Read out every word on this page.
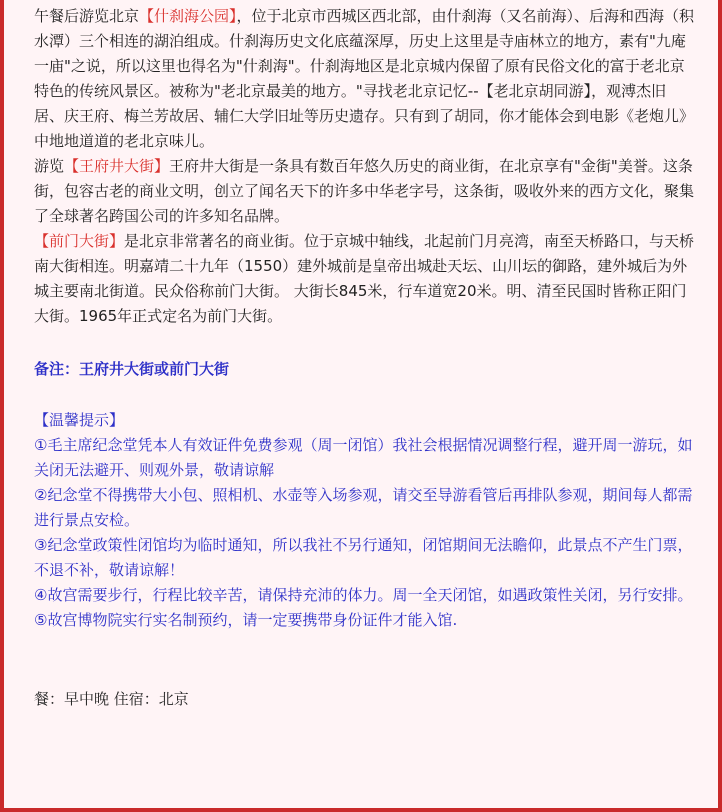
午餐后游览北京【什刹海公园】，位于北京市西城区西北部，由什刹海（又名前海）、后海和西海（积水潭）三个相连的湖泊组成。什刹海历史文化底蕴深厚，历史上这里是寺庙林立的地方，素有"九庵一庙"之说，所以这里也得名为"什刹海"。什刹海地区是北京城内保留了原有民俗文化的富于老北京特色的传统风景区。被称为"老北京最美的地方。"寻找老北京记忆--【老北京胡同游】，观溥杰旧居、庆王府、梅兰芳故居、辅仁大学旧址等历史遗存。只有到了胡同，你才能体会到电影《老炮儿》中地地道道的老北京味儿。

游览【王府井大街】王府井大街是一条具有数百年悠久历史的商业街，在北京享有"金街"美誉。这条街，包容古老的商业文明，创立了闻名天下的许多中华老字号，这条街，吸收外来的西方文化，聚集了全球著名跨国公司的许多知名品牌。

【前门大街】是北京非常著名的商业街。位于京城中轴线，北起前门月亮湾，南至天桥路口，与天桥南大街相连。明嘉靖二十九年（1550）建外城前是皇帝出城赴天坛、山川坛的御路，建外城后为外城主要南北街道。民众俗称前门大街。 大街长845米，行车道宽20米。明、清至民国时皆称正阳门大街。1965年正式定名为前门大街。

备注：王府井大街或前门大街

【温馨提示】

①毛主席纪念堂凭本人有效证件免费参观（周一闭馆）我社会根据情况调整行程，避开周一游玩，如关闭无法避开、则观外景，敬请谅解

②纪念堂不得携带大小包、照相机、水壶等入场参观，请交至导游看管后再排队参观，期间每人都需进行景点安检。

③纪念堂政策性闭馆均为临时通知，所以我社不另行通知，闭馆期间无法瞻仰，此景点不产生门票，不退不补，敬请谅解！

④故宫需要步行，行程比较辛苦，请保持充沛的体力。周一全天闭馆，如遇政策性关闭，另行安排。

⑤故宫博物院实行实名制预约，请一定要携带身份证件才能入馆.

餐：早中晚 住宿：北京
